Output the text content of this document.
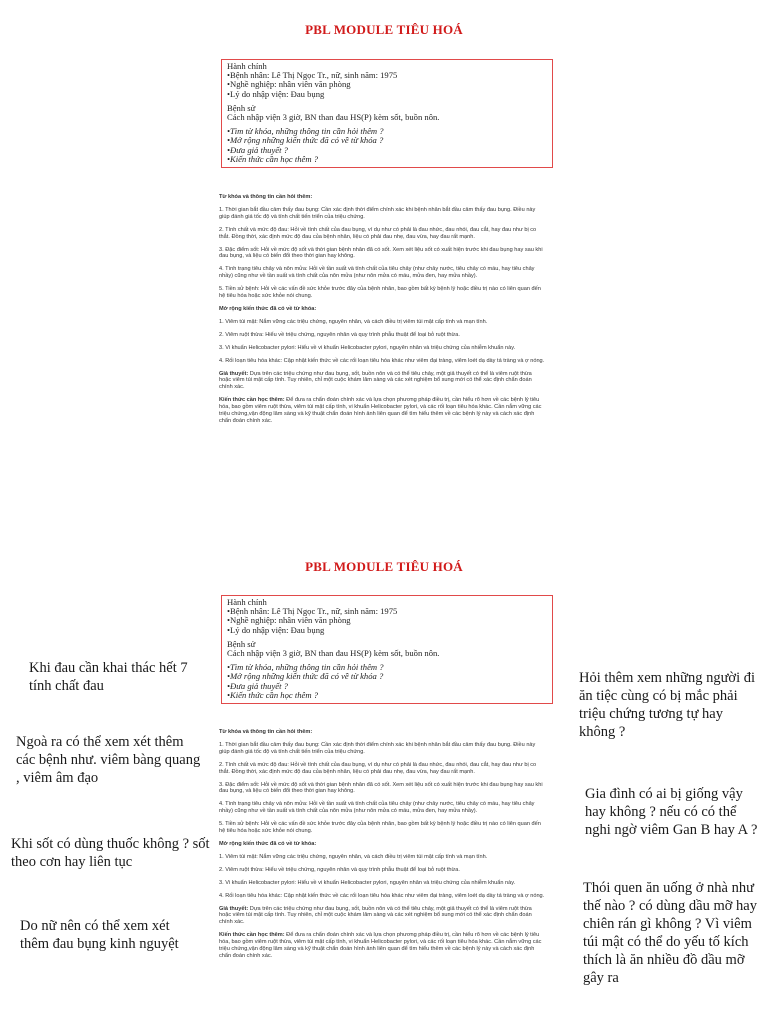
PBL MODULE TIÊU HOÁ
Hành chính
•Bệnh nhân: Lê Thị Ngọc Tr., nữ, sinh năm: 1975
•Nghề nghiệp: nhân viên văn phòng
•Lý do nhập viện: Đau bụng
Bệnh sử
Cách nhập viện 3 giờ, BN than đau HS(P) kèm sốt, buồn nôn.
•Tìm từ khóa, những thông tin cần hỏi thêm ?
•Mở rộng những kiến thức đã có về từ khóa ?
•Đưa giả thuyết ?
•Kiến thức cần học thêm ?
Từ khóa và thông tin cần hỏi thêm:

1. Thời gian bắt đầu cảm thấy đau bụng: Cần xác định thời điểm chính xác khi bệnh nhân bắt đầu cảm thấy đau bụng. Điều này giúp đánh giá tốc độ và tính chất tiến triển của triệu chứng.

2. Tính chất và mức độ đau: Hỏi về tính chất của đau bụng, ví dụ như có phải là đau nhức, đau nhói, đau cắt, hay đau như bị co thắt. Đồng thời, xác định mức độ đau của bệnh nhân, liệu có phải đau nhẹ, đau vừa, hay đau rất mạnh.

3. Đặc điểm sốt: Hỏi về mức độ sốt và thời gian bệnh nhân đã có sốt. Xem xét liệu sốt có xuất hiện trước khi đau bụng hay sau khi đau bụng, và liệu có biến đổi theo thời gian hay không.

4. Tình trạng tiêu chảy và nôn mửa: Hỏi về tần suất và tính chất của tiêu chảy (như chảy nước, tiêu chảy có máu, hay tiêu chảy nhầy) cũng như về tần suất và tính chất của nôn mửa (như nôn mửa có máu, mửa đen, hay mửa nhầy).

5. Tiền sử bệnh: Hỏi về các vấn đề sức khỏe trước đây của bệnh nhân, bao gồm bất kỳ bệnh lý hoặc điều trị nào có liên quan đến hệ tiêu hóa hoặc sức khỏe nói chung.

Mở rộng kiến thức đã có về từ khóa:

1. Viêm túi mật: Nắm vững các triệu chứng, nguyên nhân, và cách điều trị viêm túi mật cấp tính và mạn tính.

2. Viêm ruột thừa: Hiểu về triệu chứng, nguyên nhân và quy trình phẫu thuật để loại bỏ ruột thừa.

3. Vi khuẩn Helicobacter pylori: Hiểu về vi khuẩn Helicobacter pylori, nguyên nhân và triệu chứng của nhiễm khuẩn này.

4. Rối loạn tiêu hóa khác: Cập nhật kiến thức về các rối loạn tiêu hóa khác như viêm đại tràng, viêm loét dạ dày tá tràng và ợ nóng.

Giả thuyết: Dựa trên các triệu chứng như đau bụng, sốt, buồn nôn và có thể tiêu chảy, một giả thuyết có thể là viêm ruột thừa hoặc viêm túi mật cấp tính. Tuy nhiên, chỉ một cuộc khám lâm sàng và các xét nghiệm bổ sung mới có thể xác định chẩn đoán chính xác.

Kiến thức cần học thêm: Để đưa ra chẩn đoán chính xác và lựa chọn phương pháp điều trị, cần hiểu rõ hơn về các bệnh lý tiêu hóa, bao gồm viêm ruột thừa, viêm túi mật cấp tính, vi khuẩn Helicobacter pylori, và các rối loạn tiêu hóa khác. Cần nắm vững các triệu chứng,vận động lâm sàng và kỹ thuật chẩn đoán hình ảnh liên quan để tìm hiểu thêm về các bệnh lý này và cách xác định chẩn đoán chính xác.

PBL MODULE TIÊU HOÁ
Hành chính
•Bệnh nhân: Lê Thị Ngọc Tr., nữ, sinh năm: 1975
•Nghề nghiệp: nhân viên văn phòng
•Lý do nhập viện: Đau bụng
Bệnh sử
Cách nhập viện 3 giờ, BN than đau HS(P) kèm sốt, buồn nôn.
•Tìm từ khóa, những thông tin cần hỏi thêm ?
•Mở rộng những kiến thức đã có về từ khóa ?
•Đưa giả thuyết ?
•Kiến thức cần học thêm ?
Từ khóa và thông tin cần hỏi thêm:

1. Thời gian bắt đầu cảm thấy đau bụng: Cần xác định thời điểm chính xác khi bệnh nhân bắt đầu cảm thấy đau bụng. Điều này giúp đánh giá tốc độ và tính chất tiến triển của triệu chứng.

2. Tính chất và mức độ đau: Hỏi về tính chất của đau bụng, ví dụ như có phải là đau nhức, đau nhói, đau cắt, hay đau như bị co thắt. Đồng thời, xác định mức độ đau của bệnh nhân, liệu có phải đau nhẹ, đau vừa, hay đau rất mạnh.

3. Đặc điểm sốt: Hỏi về mức độ sốt và thời gian bệnh nhân đã có sốt. Xem xét liệu sốt có xuất hiện trước khi đau bụng hay sau khi đau bụng, và liệu có biến đổi theo thời gian hay không.

4. Tình trạng tiêu chảy và nôn mửa: Hỏi về tần suất và tính chất của tiêu chảy (như chảy nước, tiêu chảy có máu, hay tiêu chảy nhầy) cũng như về tần suất và tính chất của nôn mửa (như nôn mửa có máu, mửa đen, hay mửa nhầy).

5. Tiền sử bệnh: Hỏi về các vấn đề sức khỏe trước đây của bệnh nhân, bao gồm bất kỳ bệnh lý hoặc điều trị nào có liên quan đến hệ tiêu hóa hoặc sức khỏe nói chung.

Mở rộng kiến thức đã có về từ khóa:

1. Viêm túi mật: Nắm vững các triệu chứng, nguyên nhân, và cách điều trị viêm túi mật cấp tính và mạn tính.

2. Viêm ruột thừa: Hiểu về triệu chứng, nguyên nhân và quy trình phẫu thuật để loại bỏ ruột thừa.

3. Vi khuẩn Helicobacter pylori: Hiểu về vi khuẩn Helicobacter pylori, nguyên nhân và triệu chứng của nhiễm khuẩn này.

4. Rối loạn tiêu hóa khác: Cập nhật kiến thức về các rối loạn tiêu hóa khác như viêm đại tràng, viêm loét dạ dày tá tràng và ợ nóng.

Giả thuyết: Dựa trên các triệu chứng như đau bụng, sốt, buồn nôn và có thể tiêu chảy, một giả thuyết có thể là viêm ruột thừa hoặc viêm túi mật cấp tính. Tuy nhiên, chỉ một cuộc khám lâm sàng và các xét nghiệm bổ sung mới có thể xác định chẩn đoán chính xác.

Kiến thức cần học thêm: Để đưa ra chẩn đoán chính xác và lựa chọn phương pháp điều trị, cần hiểu rõ hơn về các bệnh lý tiêu hóa, bao gồm viêm ruột thừa, viêm túi mật cấp tính, vi khuẩn Helicobacter pylori, và các rối loạn tiêu hóa khác. Cần nắm vững các triệu chứng,vận động lâm sàng và kỹ thuật chẩn đoán hình ảnh liên quan để tìm hiểu thêm về các bệnh lý này và cách xác định chẩn đoán chính xác.

Khi đau cần khai thác hết 7 tính chất đau
Ngoà ra có thể xem xét thêm các bệnh như. viêm bàng quang , viêm âm đạo
Khi sốt có dùng thuốc không ? sốt theo cơn hay liên tục
Do nữ nên có thể xem xét thêm đau bụng kinh nguyệt
Hỏi thêm xem những người đi ăn tiệc cùng có bị mắc phải triệu chứng tương tự hay không ?
Gia đình có ai bị giống vậy hay không ? nếu có có thể nghi ngờ viêm Gan B hay A ?
Thói quen ăn uống ở nhà như thế nào ? có dùng dầu mỡ hay chiên rán gì không ? Vì viêm túi mật có thể do yếu tố kích thích là ăn nhiều đồ dầu mỡ gây ra
